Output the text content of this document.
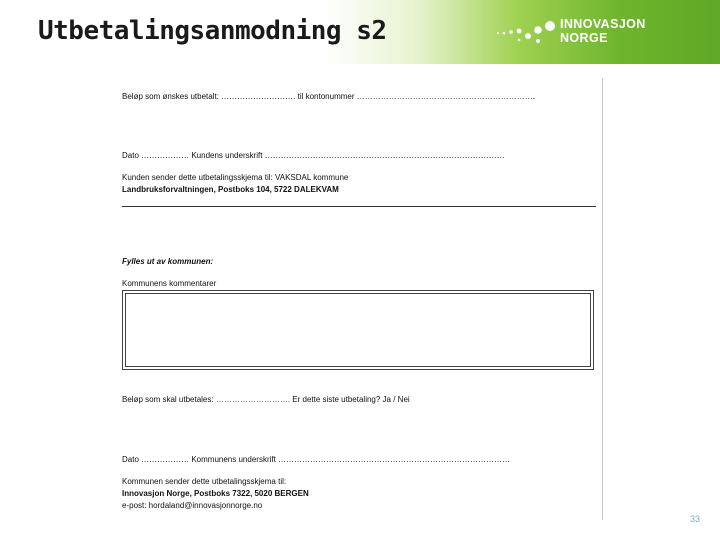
Utbetalingsanmodning s2	INNOVASJON
NORGE
Beløp som ønskes utbetalt: ………………………. til kontonummer ………………………………………………………….
Dato ……………… Kundens underskrift ………………………………………………………………………………
Kunden sender dette utbetalingsskjema til: VAKSDAL kommune
Landbruksforvaltningen, Postboks 104, 5722 DALEKVAM
Fylles ut av kommunen:
Kommunens kommentarer
Beløp som skal utbetales: ………………………. Er dette siste utbetaling? Ja / Nei
Dato ……………… Kommunens underskrift ……………………………………………………………………………
Kommunen sender dette utbetalingsskjema til:
Innovasjon Norge, Postboks 7322, 5020 BERGEN
e-post: hordaland@innovasjonnorge.no
33
